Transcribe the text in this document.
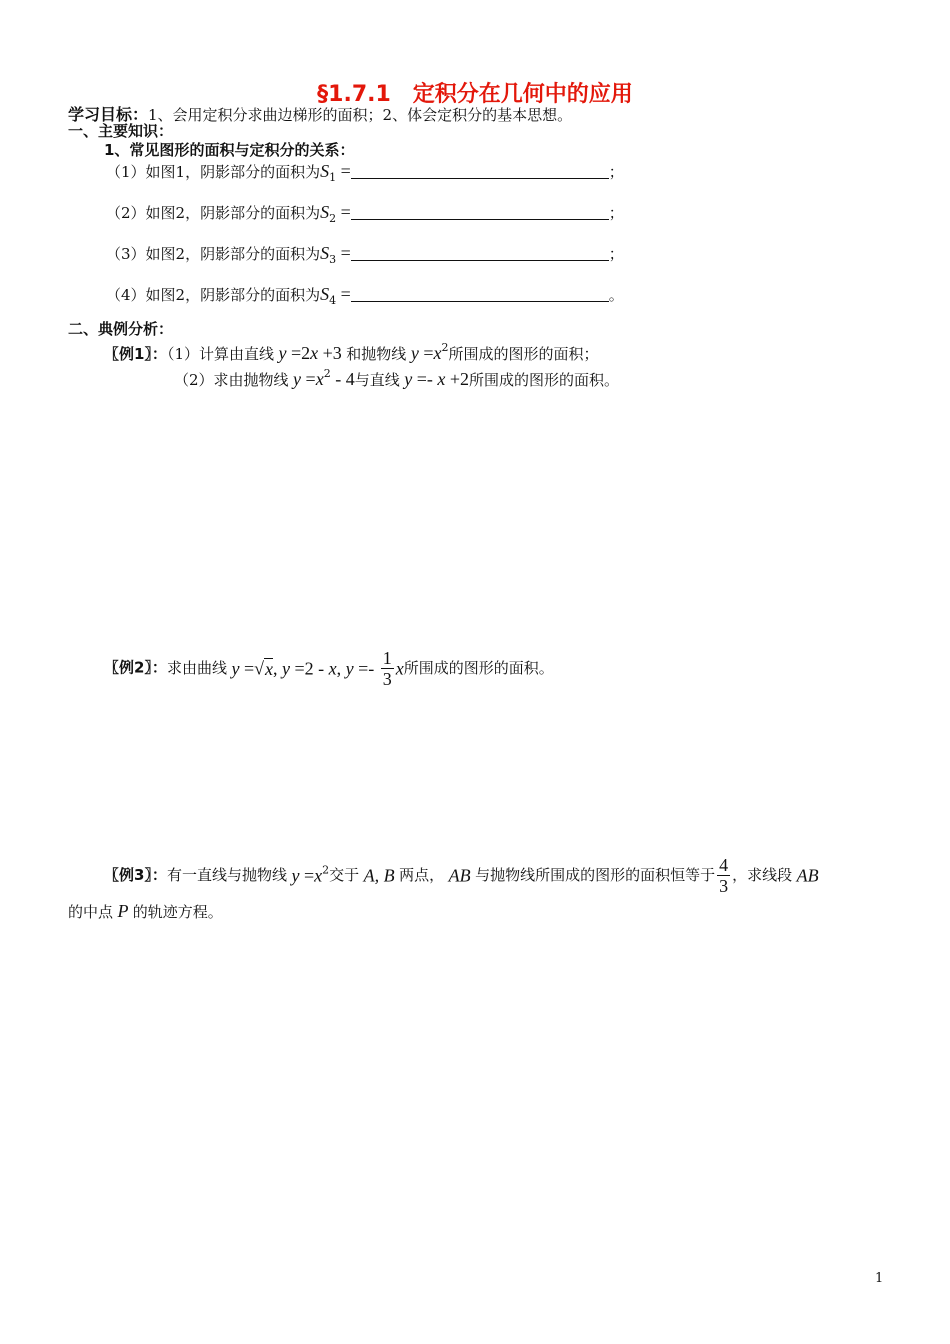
§1.7.1　定积分在几何中的应用
学习目标：1、会用定积分求曲边梯形的面积；2、体会定积分的基本思想。
一、主要知识：
1、常见图形的面积与定积分的关系：
（1）如图1，阴影部分的面积为$S_1$ =	；
（2）如图2，阴影部分的面积为$S_2$ =	；
（3）如图2，阴影部分的面积为$S_3$ =	；
（4）如图2，阴影部分的面积为$S_4$ =	。
二、典例分析：
〖例1〗：（1）计算由直线 y =2x +3 和抛物线 $y =x^2$所围成的图形的面积；
（2）求由抛物线 $y =x^2 - 4$与直线 y =- x +2所围成的图形的面积。
〖例2〗：求由曲线 y =√x, y =2 - x, $y =- \frac{1}{3}$ x所围成的图形的面积。
〖例3〗：有一直线与抛物线 $y =x^2$交于 A, B 两点， AB 与抛物线所围成的图形的面积恒等于 $\frac{4}{3}$ ，求线段 AB
的中点 P 的轨迹方程。
1
